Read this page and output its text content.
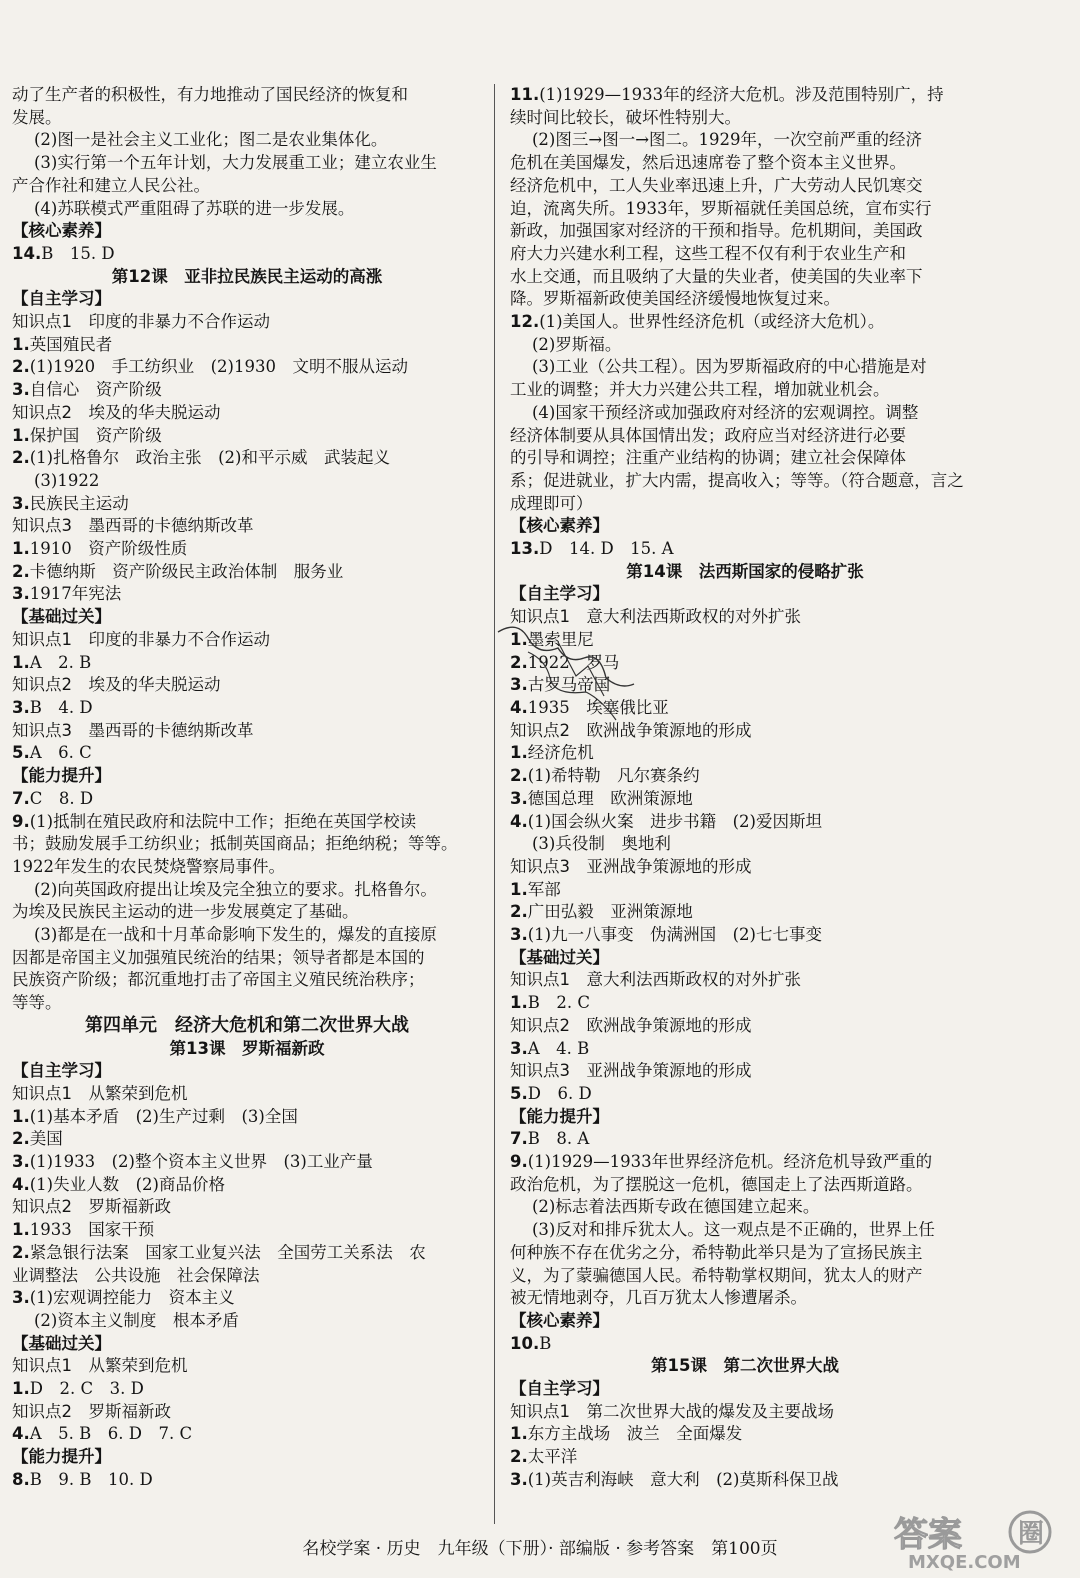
动了生产者的积极性，有力地推动了国民经济的恢复和
发展。
(2)图一是社会主义工业化；图二是农业集体化。
(3)实行第一个五年计划，大力发展重工业；建立农业生
产合作社和建立人民公社。
(4)苏联模式严重阻碍了苏联的进一步发展。
【核心素养】
14.B　15. D
第12课　亚非拉民族民主运动的高涨
【自主学习】
知识点1　印度的非暴力不合作运动
1.英国殖民者
2.(1)1920　手工纺织业　(2)1930　文明不服从运动
3.自信心　资产阶级
知识点2　埃及的华夫脱运动
1.保护国　资产阶级
2.(1)扎格鲁尔　政治主张　(2)和平示威　武装起义
(3)1922
3.民族民主运动
知识点3　墨西哥的卡德纳斯改革
1.1910　资产阶级性质
2.卡德纳斯　资产阶级民主政治体制　服务业
3.1917年宪法
【基础过关】
知识点1　印度的非暴力不合作运动
1.A　2. B
知识点2　埃及的华夫脱运动
3.B　4. D
知识点3　墨西哥的卡德纳斯改革
5.A　6. C
【能力提升】
7.C　8. D
9.(1)抵制在殖民政府和法院中工作；拒绝在英国学校读
书；鼓励发展手工纺织业；抵制英国商品；拒绝纳税；等等。
1922年发生的农民焚烧警察局事件。
(2)向英国政府提出让埃及完全独立的要求。扎格鲁尔。
为埃及民族民主运动的进一步发展奠定了基础。
(3)都是在一战和十月革命影响下发生的，爆发的直接原
因都是帝国主义加强殖民统治的结果；领导者都是本国的
民族资产阶级；都沉重地打击了帝国主义殖民统治秩序；
等等。
第四单元　经济大危机和第二次世界大战
第13课　罗斯福新政
【自主学习】
知识点1　从繁荣到危机
1.(1)基本矛盾　(2)生产过剩　(3)全国
2.美国
3.(1)1933　(2)整个资本主义世界　(3)工业产量
4.(1)失业人数　(2)商品价格
知识点2　罗斯福新政
1.1933　国家干预
2.紧急银行法案　国家工业复兴法　全国劳工关系法　农
业调整法　公共设施　社会保障法
3.(1)宏观调控能力　资本主义
(2)资本主义制度　根本矛盾
【基础过关】
知识点1　从繁荣到危机
1.D　2. C　3. D
知识点2　罗斯福新政
4.A　5. B　6. D　7. C
【能力提升】
8.B　9. B　10. D
11.(1)1929—1933年的经济大危机。涉及范围特别广，持
续时间比较长，破坏性特别大。
(2)图三→图一→图二。1929年，一次空前严重的经济
危机在美国爆发，然后迅速席卷了整个资本主义世界。
经济危机中，工人失业率迅速上升，广大劳动人民饥寒交
迫，流离失所。1933年，罗斯福就任美国总统，宣布实行
新政，加强国家对经济的干预和指导。危机期间，美国政
府大力兴建水利工程，这些工程不仅有利于农业生产和
水上交通，而且吸纳了大量的失业者，使美国的失业率下
降。罗斯福新政使美国经济缓慢地恢复过来。
12.(1)美国人。世界性经济危机（或经济大危机）。
(2)罗斯福。
(3)工业（公共工程）。因为罗斯福政府的中心措施是对
工业的调整；并大力兴建公共工程，增加就业机会。
(4)国家干预经济或加强政府对经济的宏观调控。调整
经济体制要从具体国情出发；政府应当对经济进行必要
的引导和调控；注重产业结构的协调；建立社会保障体
系；促进就业，扩大内需，提高收入；等等。（符合题意，言之
成理即可）
【核心素养】
13.D　14. D　15. A
第14课　法西斯国家的侵略扩张
【自主学习】
知识点1　意大利法西斯政权的对外扩张
1.墨索里尼
2.1922　罗马
3.古罗马帝国
4.1935　埃塞俄比亚
知识点2　欧洲战争策源地的形成
1.经济危机
2.(1)希特勒　凡尔赛条约
3.德国总理　欧洲策源地
4.(1)国会纵火案　进步书籍　(2)爱因斯坦
(3)兵役制　奥地利
知识点3　亚洲战争策源地的形成
1.军部
2.广田弘毅　亚洲策源地
3.(1)九一八事变　伪满洲国　(2)七七事变
【基础过关】
知识点1　意大利法西斯政权的对外扩张
1.B　2. C
知识点2　欧洲战争策源地的形成
3.A　4. B
知识点3　亚洲战争策源地的形成
5.D　6. D
【能力提升】
7.B　8. A
9.(1)1929—1933年世界经济危机。经济危机导致严重的
政治危机，为了摆脱这一危机，德国走上了法西斯道路。
(2)标志着法西斯专政在德国建立起来。
(3)反对和排斥犹太人。这一观点是不正确的，世界上任
何种族不存在优劣之分，希特勒此举只是为了宣扬民族主
义，为了蒙骗德国人民。希特勒掌权期间，犹太人的财产
被无情地剥夺，几百万犹太人惨遭屠杀。
【核心素养】
10.B
第15课　第二次世界大战
【自主学习】
知识点1　第二次世界大战的爆发及主要战场
1.东方主战场　波兰　全面爆发
2.太平洋
3.(1)英吉利海峡　意大利　(2)莫斯科保卫战
名校学案 · 历史　九年级（下册）· 部编版 · 参考答案　第100页	答案 圈
MXQE.COM
